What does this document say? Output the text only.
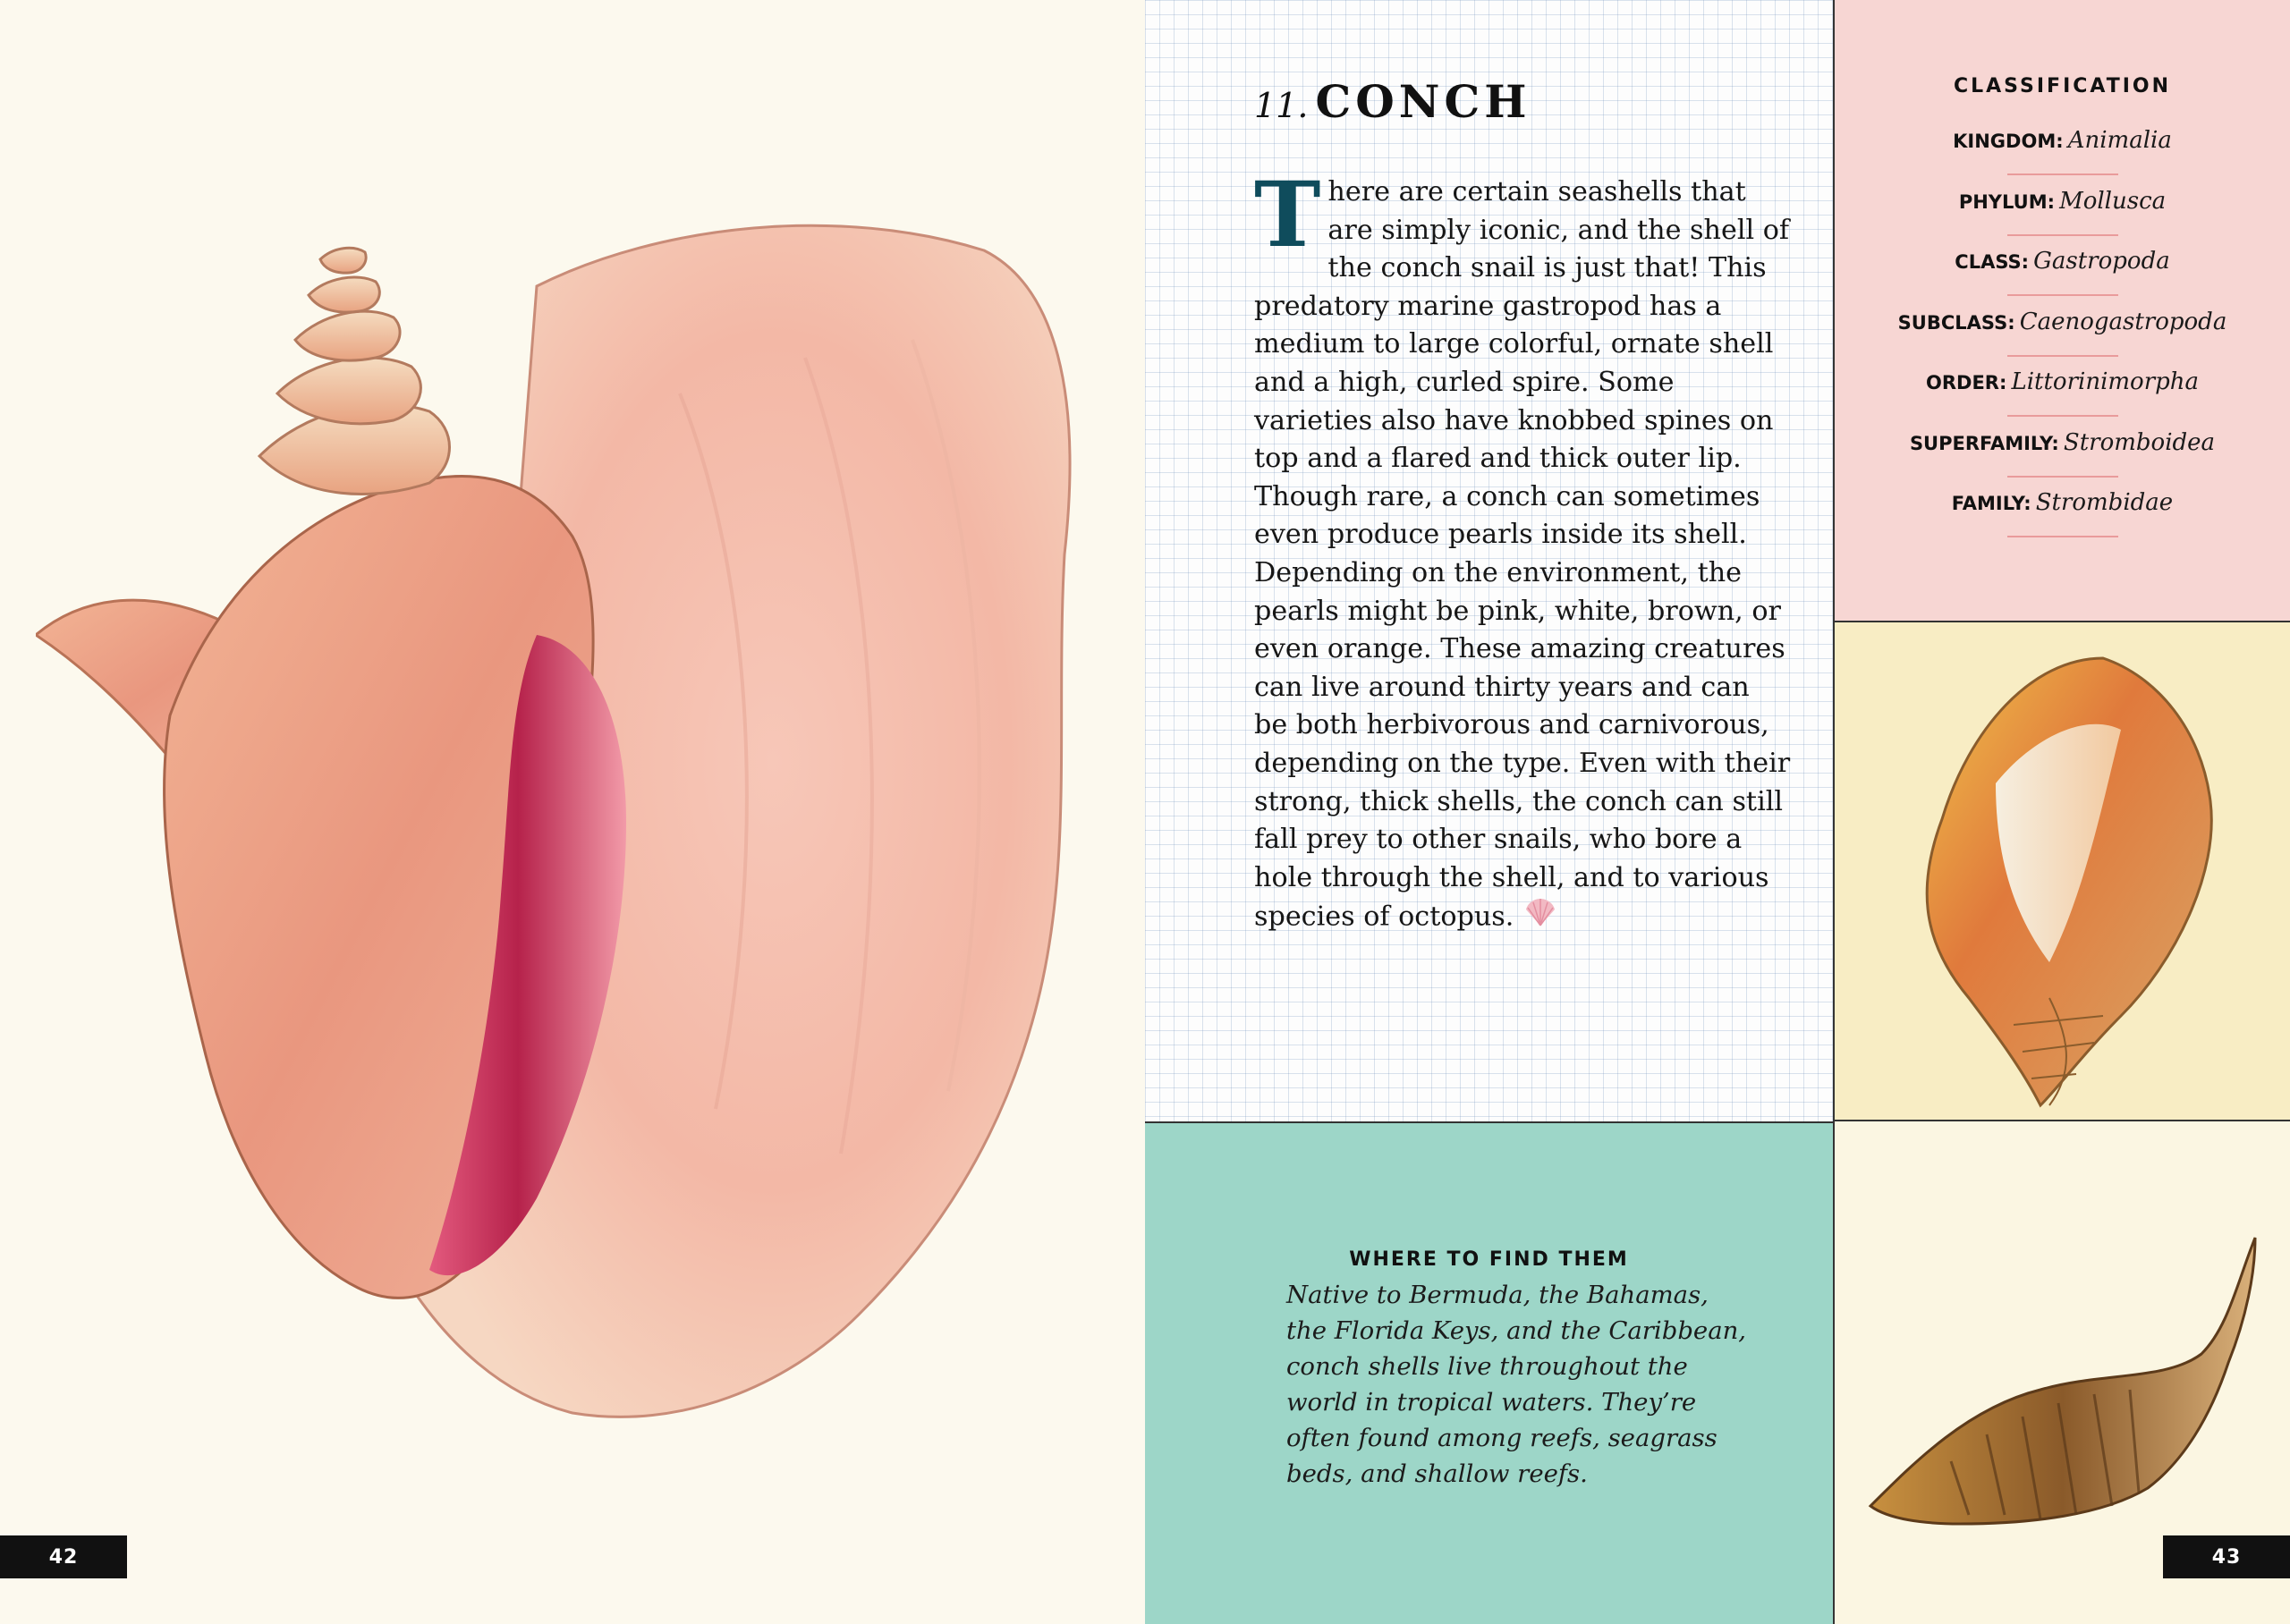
42
11. CONCH
There are certain seashells that are simply iconic, and the shell of the conch snail is just that! This predatory marine gastropod has a medium to large colorful, ornate shell and a high, curled spire. Some varieties also have knobbed spines on top and a flared and thick outer lip. Though rare, a conch can sometimes even produce pearls inside its shell. Depending on the environment, the pearls might be pink, white, brown, or even orange. These amazing creatures can live around thirty years and can be both herbivorous and carnivorous, depending on the type. Even with their strong, thick shells, the conch can still fall prey to other snails, who bore a hole through the shell, and to various species of octopus.
CLASSIFICATION
KINGDOM: Animalia
PHYLUM: Mollusca
CLASS: Gastropoda
SUBCLASS: Caenogastropoda
ORDER: Littorinimorpha
SUPERFAMILY: Stromboidea
FAMILY: Strombidae
WHERE TO FIND THEM
Native to Bermuda, the Bahamas, the Florida Keys, and the Caribbean, conch shells live throughout the world in tropical waters. They’re often found among reefs, seagrass beds, and shallow reefs.
43
